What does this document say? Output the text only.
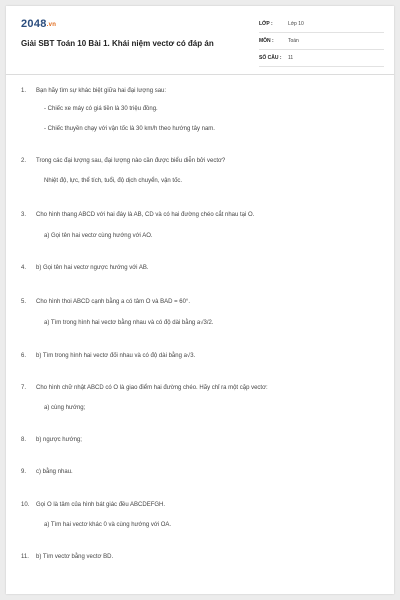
2048.vn
Giải SBT Toán 10 Bài 1. Khái niệm vectơ có đáp án
LỚP :	Lớp 10
MÔN :	Toán
SỐ CÂU : 11
1. Bạn hãy tìm sự khác biệt giữa hai đại lượng sau:
- Chiếc xe máy có giá tiền là 30 triệu đồng.
- Chiếc thuyền chạy với vận tốc là 30 km/h theo hướng tây nam.
2. Trong các đại lượng sau, đại lượng nào cần được biểu diễn bởi vectơ?
Nhiệt độ, lực, thể tích, tuổi, độ dịch chuyển, vận tốc.
3. Cho hình thang ABCD với hai đáy là AB, CD và có hai đường chéo cắt nhau tại O.
a) Gọi tên hai vectơ cùng hướng với AO.
4. b) Gọi tên hai vectơ ngược hướng với AB.
5. Cho hình thoi ABCD cạnh bằng a có tâm O và BAD = 60°.
a) Tìm trong hình hai vectơ bằng nhau và có độ dài bằng a√3/2.
6. b) Tìm trong hình hai vectơ đối nhau và có độ dài bằng a√3.
7. Cho hình chữ nhật ABCD có O là giao điểm hai đường chéo. Hãy chỉ ra một cặp vectơ:
a) cùng hướng;
8. b) ngược hướng;
9. c) bằng nhau.
10. Gọi O là tâm của hình bát giác đều ABCDEFGH.
a) Tìm hai vectơ khác 0 và cùng hướng với OA.
11. b) Tìm vectơ bằng vectơ BD.
